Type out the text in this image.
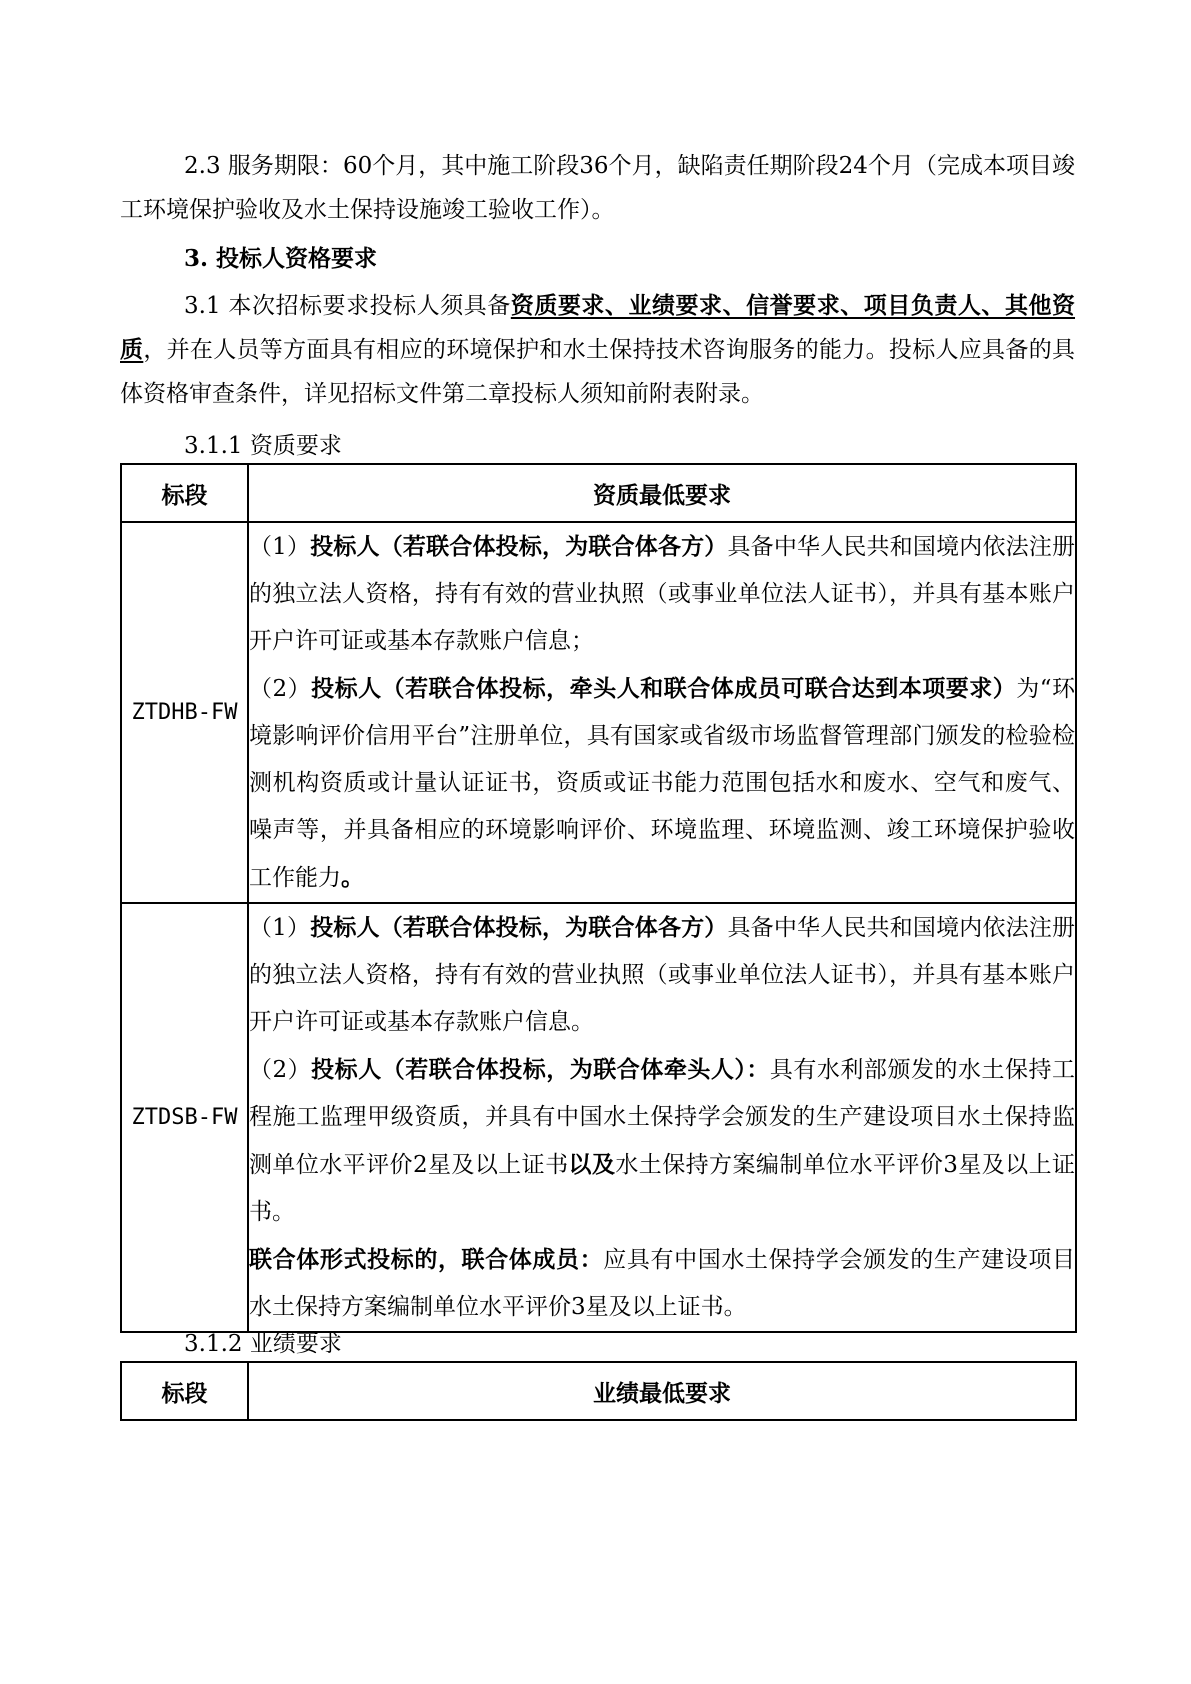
2.3 服务期限：60个月，其中施工阶段36个月，缺陷责任期阶段24个月（完成本项目竣工环境保护验收及水土保持设施竣工验收工作）。

3. 投标人资格要求

3.1 本次招标要求投标人须具备资质要求、业绩要求、信誉要求、项目负责人、其他资质，并在人员等方面具有相应的环境保护和水土保持技术咨询服务的能力。投标人应具备的具体资格审查条件，详见招标文件第二章投标人须知前附表附录。

3.1.1 资质要求

标段	资质最低要求
ZTDHB-FW	（1）投标人（若联合体投标，为联合体各方）具备中华人民共和国境内依法注册的独立法人资格，持有有效的营业执照（或事业单位法人证书），并具有基本账户开户许可证或基本存款账户信息；

（2）投标人（若联合体投标，牵头人和联合体成员可联合达到本项要求）为“环境影响评价信用平台”注册单位，具有国家或省级市场监督管理部门颁发的检验检测机构资质或计量认证证书，资质或证书能力范围包括水和废水、空气和废气、噪声等，并具备相应的环境影响评价、环境监理、环境监测、竣工环境保护验收工作能力。

ZTDSB-FW	（1）投标人（若联合体投标，为联合体各方）具备中华人民共和国境内依法注册的独立法人资格，持有有效的营业执照（或事业单位法人证书），并具有基本账户开户许可证或基本存款账户信息。

（2）投标人（若联合体投标，为联合体牵头人）：具有水利部颁发的水土保持工程施工监理甲级资质，并具有中国水土保持学会颁发的生产建设项目水土保持监测单位水平评价2星及以上证书以及水土保持方案编制单位水平评价3星及以上证书。

联合体形式投标的，联合体成员：应具有中国水土保持学会颁发的生产建设项目水土保持方案编制单位水平评价3星及以上证书。

3.1.2 业绩要求

标段	业绩最低要求
